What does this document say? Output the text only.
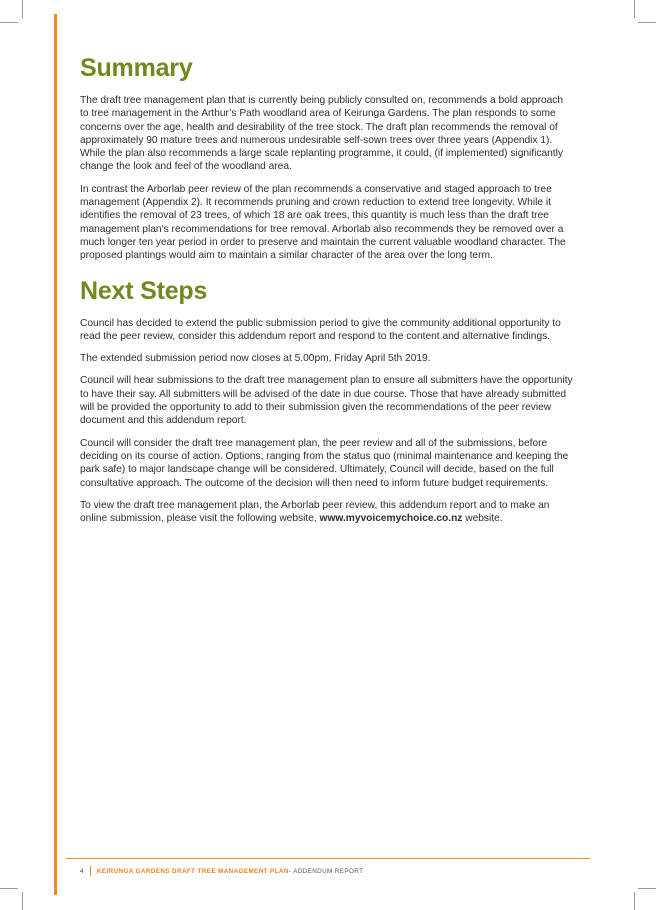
Summary

The draft tree management plan that is currently being publicly consulted on, recommends a bold approach to tree management in the Arthur’s Path woodland area of Keirunga Gardens. The plan responds to some concerns over the age, health and desirability of the tree stock. The draft plan recommends the removal of approximately 90 mature trees and numerous undesirable self-sown trees over three years (Appendix 1). While the plan also recommends a large scale replanting programme, it could, (if implemented) significantly change the look and feel of the woodland area.

In contrast the Arborlab peer review of the plan recommends a conservative and staged approach to tree management (Appendix 2). It recommends pruning and crown reduction to extend tree longevity. While it identifies the removal of 23 trees, of which 18 are oak trees, this quantity is much less than the draft tree management plan’s recommendations for tree removal. Arborlab also recommends they be removed over a much longer ten year period in order to preserve and maintain the current valuable woodland character. The proposed plantings would aim to maintain a similar character of the area over the long term.

Next Steps

Council has decided to extend the public submission period to give the community additional opportunity to read the peer review, consider this addendum report and respond to the content and alternative findings.

The extended submission period now closes at 5.00pm, Friday April 5th 2019.

Council will hear submissions to the draft tree management plan to ensure all submitters have the opportunity to have their say. All submitters will be advised of the date in due course. Those that have already submitted will be provided the opportunity to add to their submission given the recommendations of the peer review document and this addendum report.

Council will consider the draft tree management plan, the peer review and all of the submissions, before deciding on its course of action. Options, ranging from the status quo (minimal maintenance and keeping the park safe) to major landscape change will be considered. Ultimately, Council will decide, based on the full consultative approach. The outcome of the decision will then need to inform future budget requirements.

To view the draft tree management plan, the Arborlab peer review, this addendum report and to make an online submission, please visit the following website, www.myvoicemychoice.co.nz website.

4 KEIRUNGA GARDENS DRAFT TREE MANAGEMENT PLAN - ADDENDUM REPORT
